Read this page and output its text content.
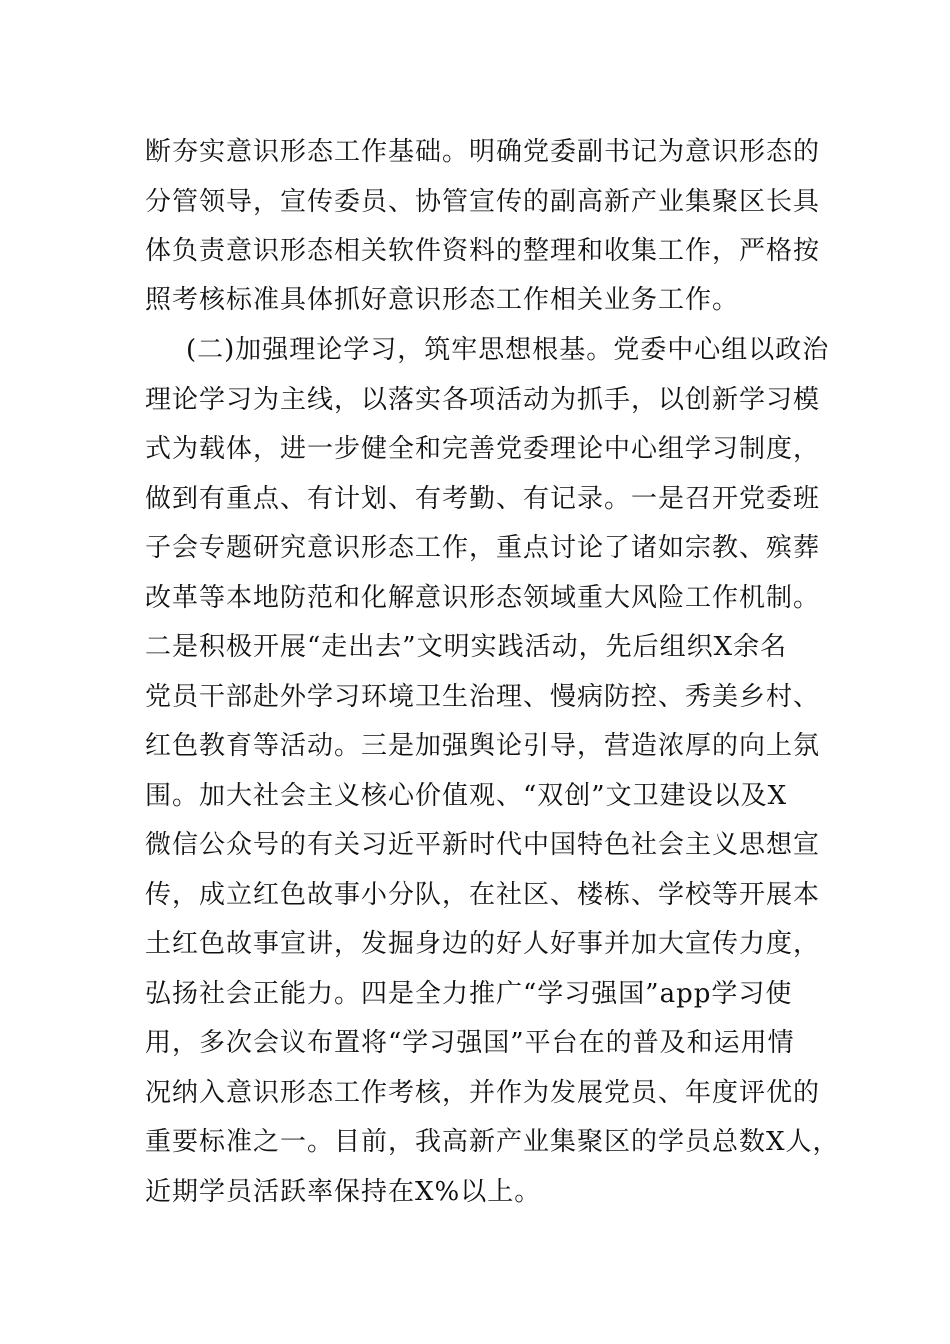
断夯实意识形态工作基础。明确党委副书记为意识形态的
分管领导，宣传委员、协管宣传的副高新产业集聚区长具
体负责意识形态相关软件资料的整理和收集工作，严格按
照考核标准具体抓好意识形态工作相关业务工作。
(二)加强理论学习，筑牢思想根基。党委中心组以政治
理论学习为主线，以落实各项活动为抓手，以创新学习模
式为载体，进一步健全和完善党委理论中心组学习制度，
做到有重点、有计划、有考勤、有记录。一是召开党委班
子会专题研究意识形态工作，重点讨论了诸如宗教、殡葬
改革等本地防范和化解意识形态领域重大风险工作机制。
二是积极开展“走出去”文明实践活动，先后组织X余名
党员干部赴外学习环境卫生治理、慢病防控、秀美乡村、
红色教育等活动。三是加强舆论引导，营造浓厚的向上氛
围。加大社会主义核心价值观、“双创”文卫建设以及X
微信公众号的有关习近平新时代中国特色社会主义思想宣
传，成立红色故事小分队，在社区、楼栋、学校等开展本
土红色故事宣讲，发掘身边的好人好事并加大宣传力度，
弘扬社会正能力。四是全力推广“学习强国”app学习使
用，多次会议布置将“学习强国”平台在的普及和运用情
况纳入意识形态工作考核，并作为发展党员、年度评优的
重要标准之一。目前，我高新产业集聚区的学员总数X人，
近期学员活跃率保持在X%以上。
